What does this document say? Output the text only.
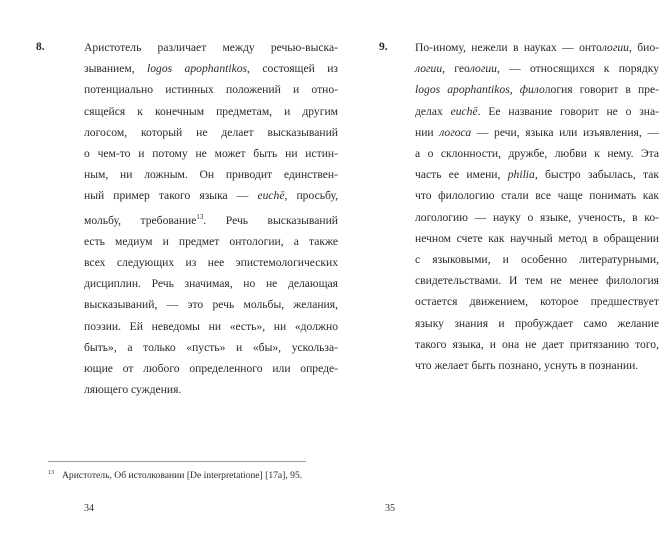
8.	Аристотель различает между речью-выска-
зыванием, logos apophantikos, состоящей из
потенциально истинных положений и отно-
сящейся к конечным предметам, и другим
логосом, который не делает высказываний
о чем-то и потому не может быть ни истин-
ным, ни ложным. Он приводит единствен-
ный пример такого языка — euchē, просьбу,
мольбу, требование$^{13}$. Речь высказываний
есть медиум и предмет онтологии, а также
всех следующих из нее эпистемологических
дисциплин. Речь значимая, но не делающая
высказываний, — это речь мольбы, желания,
поэзии. Ей неведомы ни «есть», ни «должно
быть», а только «пусть» и «бы», ускольза-
ющие от любого определенного или опреде-
ляющего суждения.
$^{13}$ Аристотель, Об истолковании [De interpretatione] [17a], 95.
34
9. По-иному, нежели в науках — онтологии, био-
логии, геологии, — относящихся к порядку
logos apophantikos, филология говорит в пре-
делах euchē. Ее название говорит не о зна-
нии логоса — речи, языка или изъявления, —
а о склонности, дружбе, любви к нему. Эта
часть ее имени, philia, быстро забылась, так
что филологию стали все чаще понимать как
логологию — науку о языке, ученость, в ко-
нечном счете как научный метод в обращении
с языковыми, и особенно литературными,
свидетельствами. И тем не менее филология
остается движением, которое предшествует
языку знания и пробуждает само желание
такого языка, и она не дает притязанию того,
что желает быть познано, уснуть в познании.
35
